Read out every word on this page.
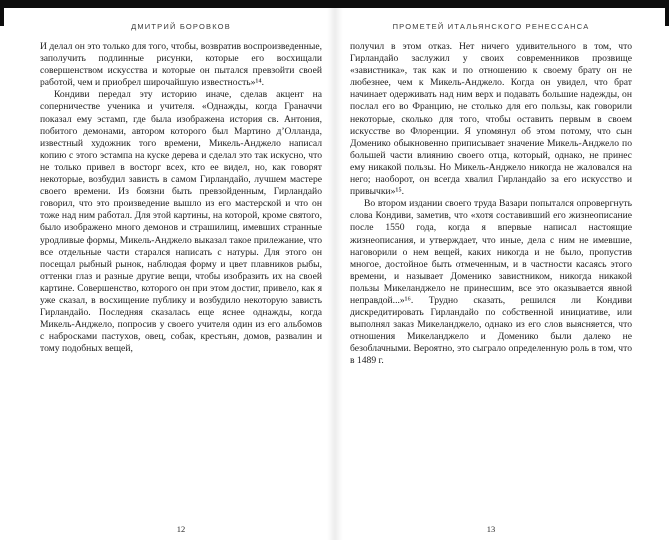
ДМИТРИЙ БОРОВКОВ

И делал он это только для того, чтобы, возвратив воспроизведенные, заполучить подлинные рисунки, которые его восхищали совершенством искусства и которые он пытался превзойти своей работой, чем и приобрел широчайшую известность»¹⁴.

Кондиви передал эту историю иначе, сделав акцент на соперничестве ученика и учителя. «Однажды, когда Граначчи показал ему эстамп, где была изображена история св. Антония, побитого демонами, автором которого был Мартино д’Олланда, известный художник того времени, Микель-Анджело написал копию с этого эстампа на куске дерева и сделал это так искусно, что не только привел в восторг всех, кто ее видел, но, как говорят некоторые, возбудил зависть в самом Гирландайо, лучшем мастере своего времени. Из боязни быть превзойденным, Гирландайо говорил, что это произведение вышло из его мастерской и что он тоже над ним работал. Для этой картины, на которой, кроме святого, было изображено много демонов и страшилищ, имевших странные уродливые формы, Микель-Анджело выказал такое прилежание, что все отдельные части старался написать с натуры. Для этого он посещал рыбный рынок, наблюдая форму и цвет плавников рыбы, оттенки глаз и разные другие вещи, чтобы изобразить их на своей картине. Совершенство, которого он при этом достиг, привело, как я уже сказал, в восхищение публику и возбудило некоторую зависть Гирландайо. Последняя сказалась еще яснее однажды, когда Микель-Анджело, попросив у своего учителя один из его альбомов с набросками пастухов, овец, собак, крестьян, домов, развалин и тому подобных вещей,

12
ПРОМЕТЕЙ ИТАЛЬЯНСКОГО РЕНЕССАНСА

получил в этом отказ. Нет ничего удивительного в том, что Гирландайо заслужил у своих современников прозвище «завистника», так как и по отношению к своему брату он не любезнее, чем к Микель-Анджело. Когда он увидел, что брат начинает одерживать над ним верх и подавать большие надежды, он послал его во Францию, не столько для его пользы, как говорили некоторые, сколько для того, чтобы оставить первым в своем искусстве во Флоренции. Я упомянул об этом потому, что сын Доменико обыкновенно приписывает значение Микель-Анджело по большей части влиянию своего отца, который, однако, не принес ему никакой пользы. Но Микель-Анджело никогда не жаловался на него; наоборот, он всегда хвалил Гирландайо за его искусство и привычки»¹⁵.

Во втором издании своего труда Вазари попытался опровергнуть слова Кондиви, заметив, что «хотя составивший его жизнеописание после 1550 года, когда я впервые написал настоящие жизнеописания, и утверждает, что иные, дела с ним не имевшие, наговорили о нем вещей, каких никогда и не было, пропустив многое, достойное быть отмеченным, и в частности касаясь этого времени, и называет Доменико завистником, никогда никакой пользы Микеланджело не принесшим, все это оказывается явной неправдой...»¹⁶. Трудно сказать, решился ли Кондиви дискредитировать Гирландайо по собственной инициативе, или выполнял заказ Микеланджело, однако из его слов выясняется, что отношения Микеланджело и Доменико были далеко не безоблачными. Вероятно, это сыграло определенную роль в том, что в 1489 г.

13
